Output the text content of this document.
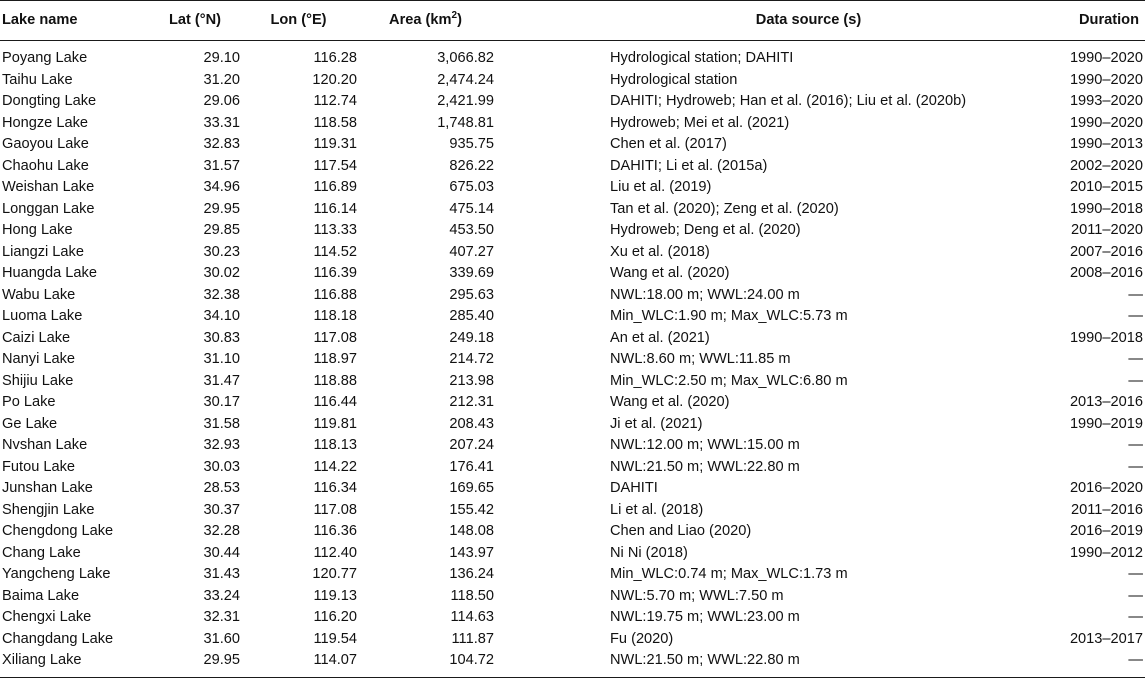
Lake name	Lat (°N)	Lon (°E)	Area $(km^2)$		Data source (s)	Duration
Poyang Lake	29.10	116.28	3,066.82		Hydrological station; DAHITI	1990–2020
Taihu Lake	31.20	120.20	2,474.24		Hydrological station	1990–2020
Dongting Lake	29.06	112.74	2,421.99		DAHITI; Hydroweb; Han et al. (2016); Liu et al. (2020b)	1993–2020
Hongze Lake	33.31	118.58	1,748.81		Hydroweb; Mei et al. (2021)	1990–2020
Gaoyou Lake	32.83	119.31	935.75		Chen et al. (2017)	1990–2013
Chaohu Lake	31.57	117.54	826.22		DAHITI; Li et al. (2015a)	2002–2020
Weishan Lake	34.96	116.89	675.03		Liu et al. (2019)	2010–2015
Longgan Lake	29.95	116.14	475.14		Tan et al. (2020); Zeng et al. (2020)	1990–2018
Hong Lake	29.85	113.33	453.50		Hydroweb; Deng et al. (2020)	2011–2020
Liangzi Lake	30.23	114.52	407.27		Xu et al. (2018)	2007–2016
Huangda Lake	30.02	116.39	339.69		Wang et al. (2020)	2008–2016
Wabu Lake	32.38	116.88	295.63		NWL:18.00 m; WWL:24.00 m	—
Luoma Lake	34.10	118.18	285.40		Min_WLC:1.90 m; Max_WLC:5.73 m	—
Caizi Lake	30.83	117.08	249.18		An et al. (2021)	1990–2018
Nanyi Lake	31.10	118.97	214.72		NWL:8.60 m; WWL:11.85 m	—
Shijiu Lake	31.47	118.88	213.98		Min_WLC:2.50 m; Max_WLC:6.80 m	—
Po Lake	30.17	116.44	212.31		Wang et al. (2020)	2013–2016
Ge Lake	31.58	119.81	208.43		Ji et al. (2021)	1990–2019
Nvshan Lake	32.93	118.13	207.24		NWL:12.00 m; WWL:15.00 m	—
Futou Lake	30.03	114.22	176.41		NWL:21.50 m; WWL:22.80 m	—
Junshan Lake	28.53	116.34	169.65		DAHITI	2016–2020
Shengjin Lake	30.37	117.08	155.42		Li et al. (2018)	2011–2016
Chengdong Lake	32.28	116.36	148.08		Chen and Liao (2020)	2016–2019
Chang Lake	30.44	112.40	143.97		Ni Ni (2018)	1990–2012
Yangcheng Lake	31.43	120.77	136.24		Min_WLC:0.74 m; Max_WLC:1.73 m	—
Baima Lake	33.24	119.13	118.50		NWL:5.70 m; WWL:7.50 m	—
Chengxi Lake	32.31	116.20	114.63		NWL:19.75 m; WWL:23.00 m	—
Changdang Lake	31.60	119.54	111.87		Fu (2020)	2013–2017
Xiliang Lake	29.95	114.07	104.72		NWL:21.50 m; WWL:22.80 m	—
